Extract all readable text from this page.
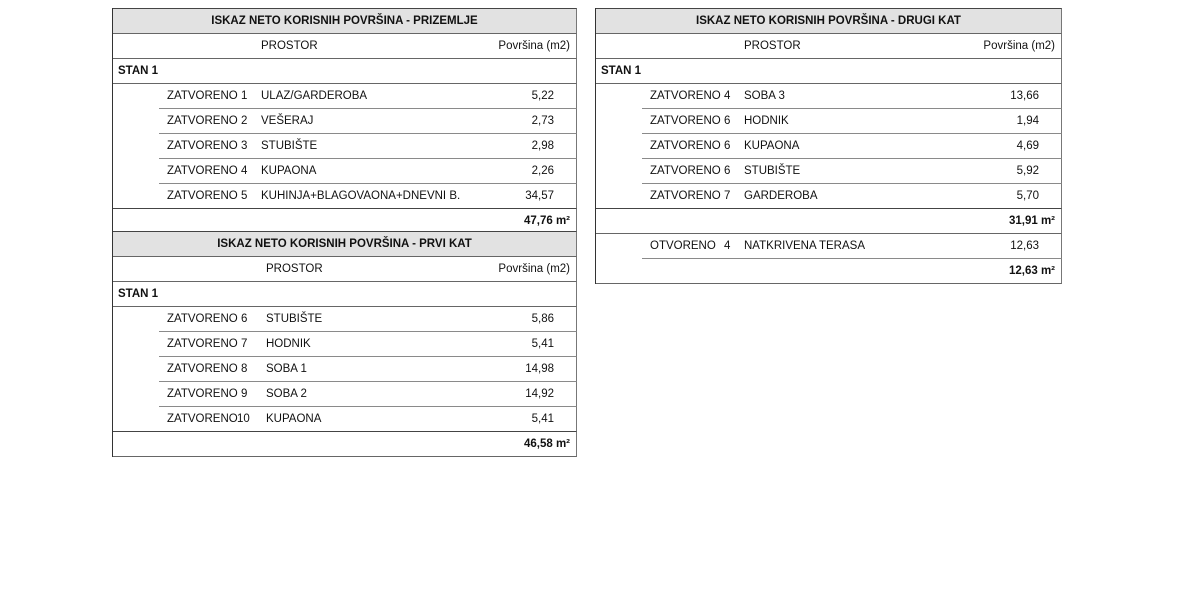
ISKAZ NETO KORISNIH POVRŠINA - PRIZEMLJE
PROSTOR	Površina (m2)
STAN 1
ZATVORENO 1 ULAZ/GARDEROBA	5,22
ZATVORENO 2 VEŠERAJ	2,73
ZATVORENO 3 STUBIŠTE	2,98
ZATVORENO 4 KUPAONA	2,26
ZATVORENO 5 KUHINJA+BLAGOVAONA+DNEVNI B.	34,57
47,76 m²
ISKAZ NETO KORISNIH POVRŠINA - PRVI KAT
PROSTOR	Površina (m2)
STAN 1
ZATVORENO 6 STUBIŠTE	5,86
ZATVORENO 7 HODNIK	5,41
ZATVORENO 8 SOBA 1	14,98
ZATVORENO 9 SOBA 2	14,92
ZATVORENO 10 KUPAONA	5,41
46,58 m²
ISKAZ NETO KORISNIH POVRŠINA - DRUGI KAT
PROSTOR	Površina (m2)
STAN 1
ZATVORENO 4 SOBA 3	13,66
ZATVORENO 6 HODNIK	1,94
ZATVORENO 6 KUPAONA	4,69
ZATVORENO 6 STUBIŠTE	5,92
ZATVORENO 7 GARDEROBA	5,70
31,91 m²
OTVORENO 4 NATKRIVENA TERASA	12,63
12,63 m²
